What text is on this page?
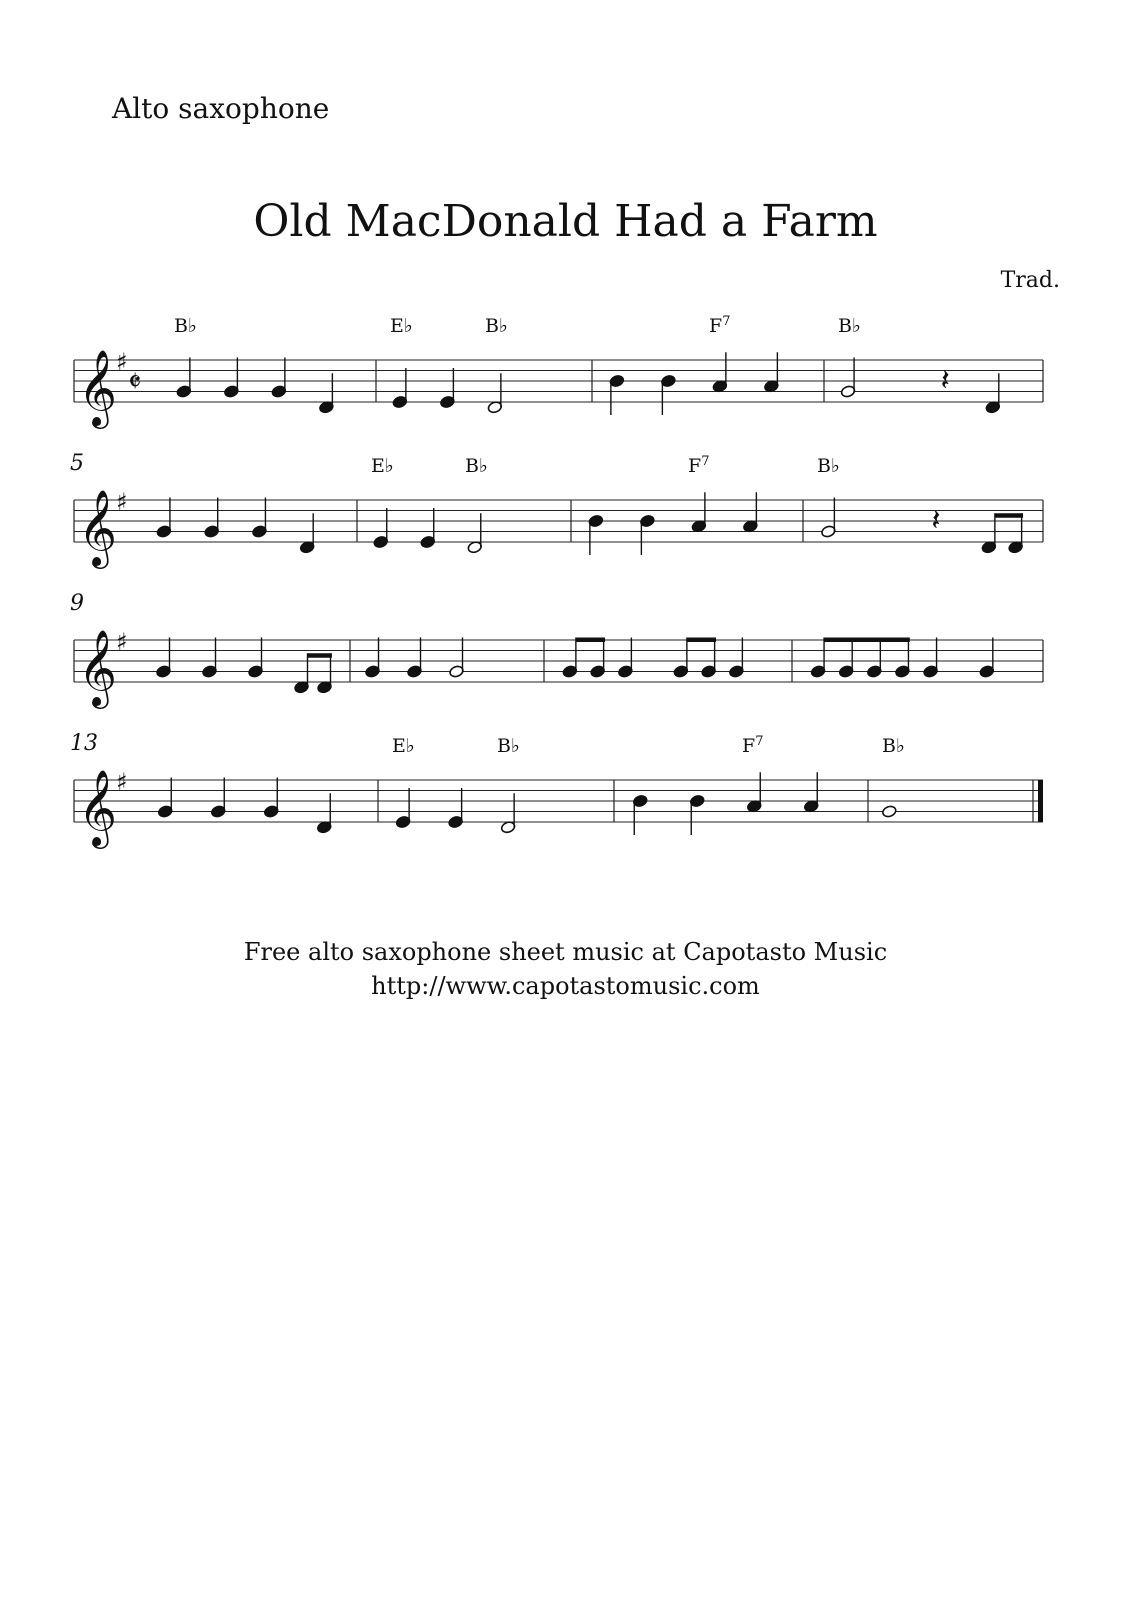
Alto saxophone
Old MacDonald Had a Farm
Trad.
𝄞
♯
𝄵
B♭	E♭	B♭	$F^7$	B♭
𝄽
𝄞
♯
5	E♭	B♭	$F^7$	B♭
𝄽
𝄞
♯
9
𝄞
♯
13	E♭	B♭	$F^7$	B♭
Free alto saxophone sheet music at Capotasto Music
http://www.capotastomusic.com
